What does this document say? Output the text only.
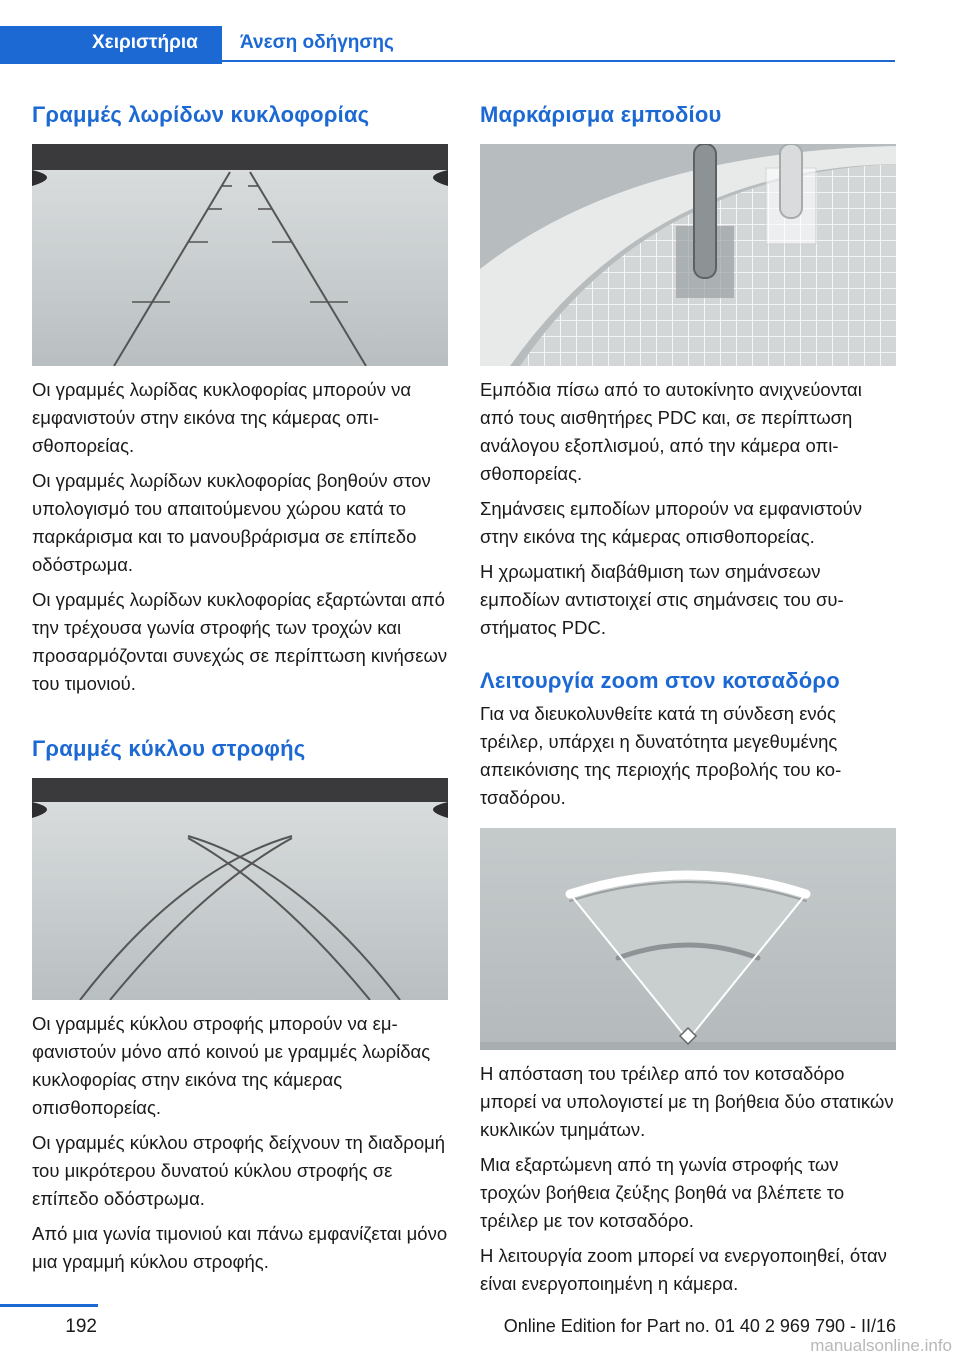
Χειριστήρια	Άνεση οδήγησης
Γραμμές λωρίδων κυκλοφορίας

Οι γραμμές λωρίδας κυκλοφορίας μπορούν να εμφανιστούν στην εικόνα της κάμερας οπισθοπορείας.

Οι γραμμές λωρίδων κυκλοφορίας βοηθούν στον υπολογισμό του απαιτούμενου χώρου κατά το παρκάρισμα και το μανουβράρισμα σε επίπεδο οδόστρωμα.

Οι γραμμές λωρίδων κυκλοφορίας εξαρτώνται από την τρέχουσα γωνία στροφής των τροχών και προσαρμόζονται συνεχώς σε περίπτωση κινήσεων του τιμονιού.

Γραμμές κύκλου στροφής

Οι γραμμές κύκλου στροφής μπορούν να εμφανιστούν μόνο από κοινού με γραμμές λωρίδας κυκλοφορίας στην εικόνα της κάμερας οπισθοπορείας.

Οι γραμμές κύκλου στροφής δείχνουν τη διαδρομή του μικρότερου δυνατού κύκλου στροφής σε επίπεδο οδόστρωμα.

Από μια γωνία τιμονιού και πάνω εμφανίζεται μόνο μια γραμμή κύκλου στροφής.

Μαρκάρισμα εμποδίου

Εμπόδια πίσω από το αυτοκίνητο ανιχνεύονται από τους αισθητήρες PDC και, σε περίπτωση ανάλογου εξοπλισμού, από την κάμερα οπισθοπορείας.

Σημάνσεις εμποδίων μπορούν να εμφανιστούν στην εικόνα της κάμερας οπισθοπορείας.

Η χρωματική διαβάθμιση των σημάνσεων εμποδίων αντιστοιχεί στις σημάνσεις του συστήματος PDC.

Λειτουργία zoom στον κοτσαδόρο

Για να διευκολυνθείτε κατά τη σύνδεση ενός τρέιλερ, υπάρχει η δυνατότητα μεγεθυμένης απεικόνισης της περιοχής προβολής του κοτσαδόρου.

Η απόσταση του τρέιλερ από τον κοτσαδόρο μπορεί να υπολογιστεί με τη βοήθεια δύο στατικών κυκλικών τμημάτων.

Μια εξαρτώμενη από τη γωνία στροφής των τροχών βοήθεια ζεύξης βοηθά να βλέπετε το τρέιλερ με τον κοτσαδόρο.

Η λειτουργία zoom μπορεί να ενεργοποιηθεί, όταν είναι ενεργοποιημένη η κάμερα.

192	Online Edition for Part no. 01 40 2 969 790 - II/16
manualsonline.info
